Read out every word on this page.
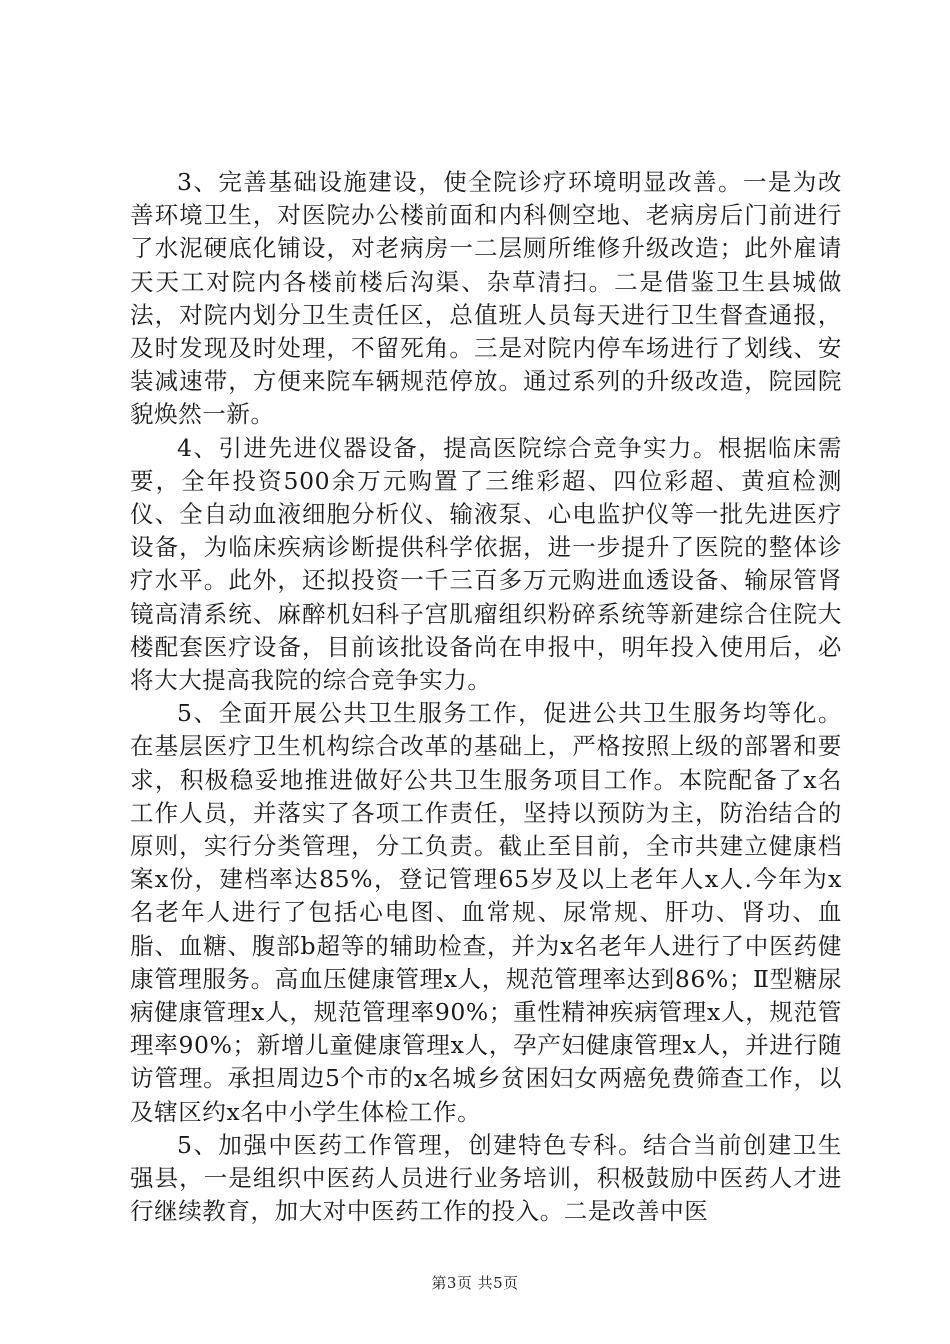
3、完善基础设施建设，使全院诊疗环境明显改善。一是为改善环境卫生，对医院办公楼前面和内科侧空地、老病房后门前进行了水泥硬底化铺设，对老病房一二层厕所维修升级改造；此外雇请天天工对院内各楼前楼后沟渠、杂草清扫。二是借鉴卫生县城做法，对院内划分卫生责任区，总值班人员每天进行卫生督查通报，及时发现及时处理，不留死角。三是对院内停车场进行了划线、安装减速带，方便来院车辆规范停放。通过系列的升级改造，院园院貌焕然一新。

4、引进先进仪器设备，提高医院综合竞争实力。根据临床需要，全年投资500余万元购置了三维彩超、四位彩超、黄疸检测仪、全自动血液细胞分析仪、输液泵、心电监护仪等一批先进医疗设备，为临床疾病诊断提供科学依据，进一步提升了医院的整体诊疗水平。此外，还拟投资一千三百多万元购进血透设备、输尿管肾镜高清系统、麻醉机妇科子宫肌瘤组织粉碎系统等新建综合住院大楼配套医疗设备，目前该批设备尚在申报中，明年投入使用后，必将大大提高我院的综合竞争实力。

5、全面开展公共卫生服务工作，促进公共卫生服务均等化。在基层医疗卫生机构综合改革的基础上，严格按照上级的部署和要求，积极稳妥地推进做好公共卫生服务项目工作。本院配备了x名工作人员，并落实了各项工作责任，坚持以预防为主，防治结合的原则，实行分类管理，分工负责。截止至目前，全市共建立健康档案x份，建档率达85%，登记管理65岁及以上老年人x人.今年为x名老年人进行了包括心电图、血常规、尿常规、肝功、肾功、血脂、血糖、腹部b超等的辅助检查，并为x名老年人进行了中医药健康管理服务。高血压健康管理x人，规范管理率达到86%；Ⅱ型糖尿病健康管理x人，规范管理率90%；重性精神疾病管理x人，规范管理率90%；新增儿童健康管理x人，孕产妇健康管理x人，并进行随访管理。承担周边5个市的x名城乡贫困妇女两癌免费筛查工作，以及辖区约x名中小学生体检工作。

5、加强中医药工作管理，创建特色专科。结合当前创建卫生强县，一是组织中医药人员进行业务培训，积极鼓励中医药人才进行继续教育，加大对中医药工作的投入。二是改善中医

第3页 共5页
